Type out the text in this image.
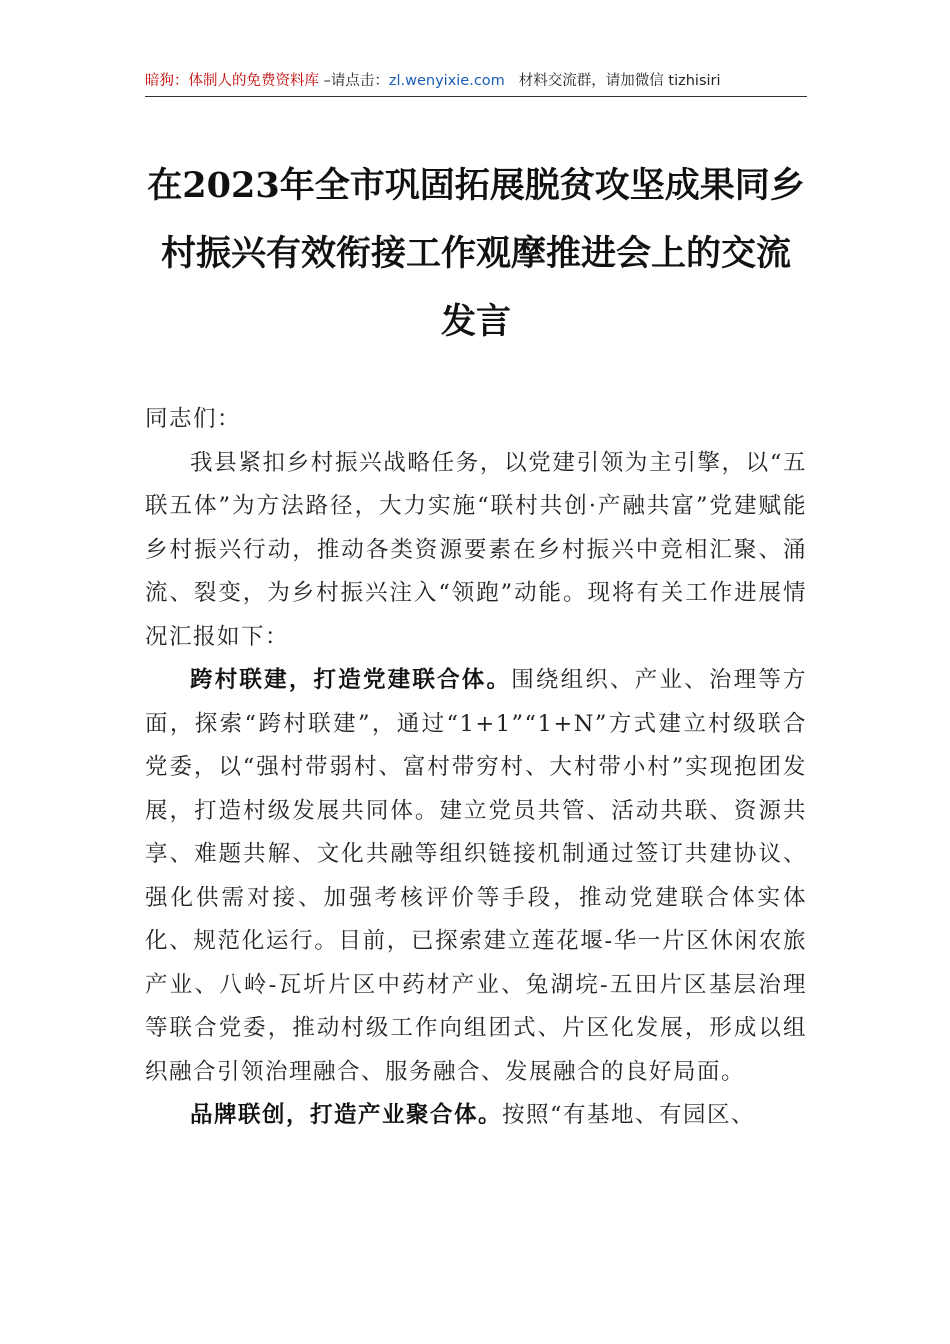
暗狗：体制人的免费资料库 –请点击：zl.wenyixie.com 材料交流群，请加微信 tizhisiri
在2023年全市巩固拓展脱贫攻坚成果同乡村振兴有效衔接工作观摩推进会上的交流发言

同志们：

我县紧扣乡村振兴战略任务，以党建引领为主引擎，以“五联五体”为方法路径，大力实施“联村共创·产融共富”党建赋能乡村振兴行动，推动各类资源要素在乡村振兴中竞相汇聚、涌流、裂变，为乡村振兴注入“领跑”动能。现将有关工作进展情况汇报如下：

跨村联建，打造党建联合体。围绕组织、产业、治理等方面，探索“跨村联建”，通过“1+1”“1+N”方式建立村级联合党委，以“强村带弱村、富村带穷村、大村带小村”实现抱团发展，打造村级发展共同体。建立党员共管、活动共联、资源共享、难题共解、文化共融等组织链接机制通过签订共建协议、强化供需对接、加强考核评价等手段，推动党建联合体实体化、规范化运行。目前，已探索建立莲花堰-华一片区休闲农旅产业、八岭-瓦圻片区中药材产业、兔湖垸-五田片区基层治理等联合党委，推动村级工作向组团式、片区化发展，形成以组织融合引领治理融合、服务融合、发展融合的良好局面。

品牌联创，打造产业聚合体。按照“有基地、有园区、
